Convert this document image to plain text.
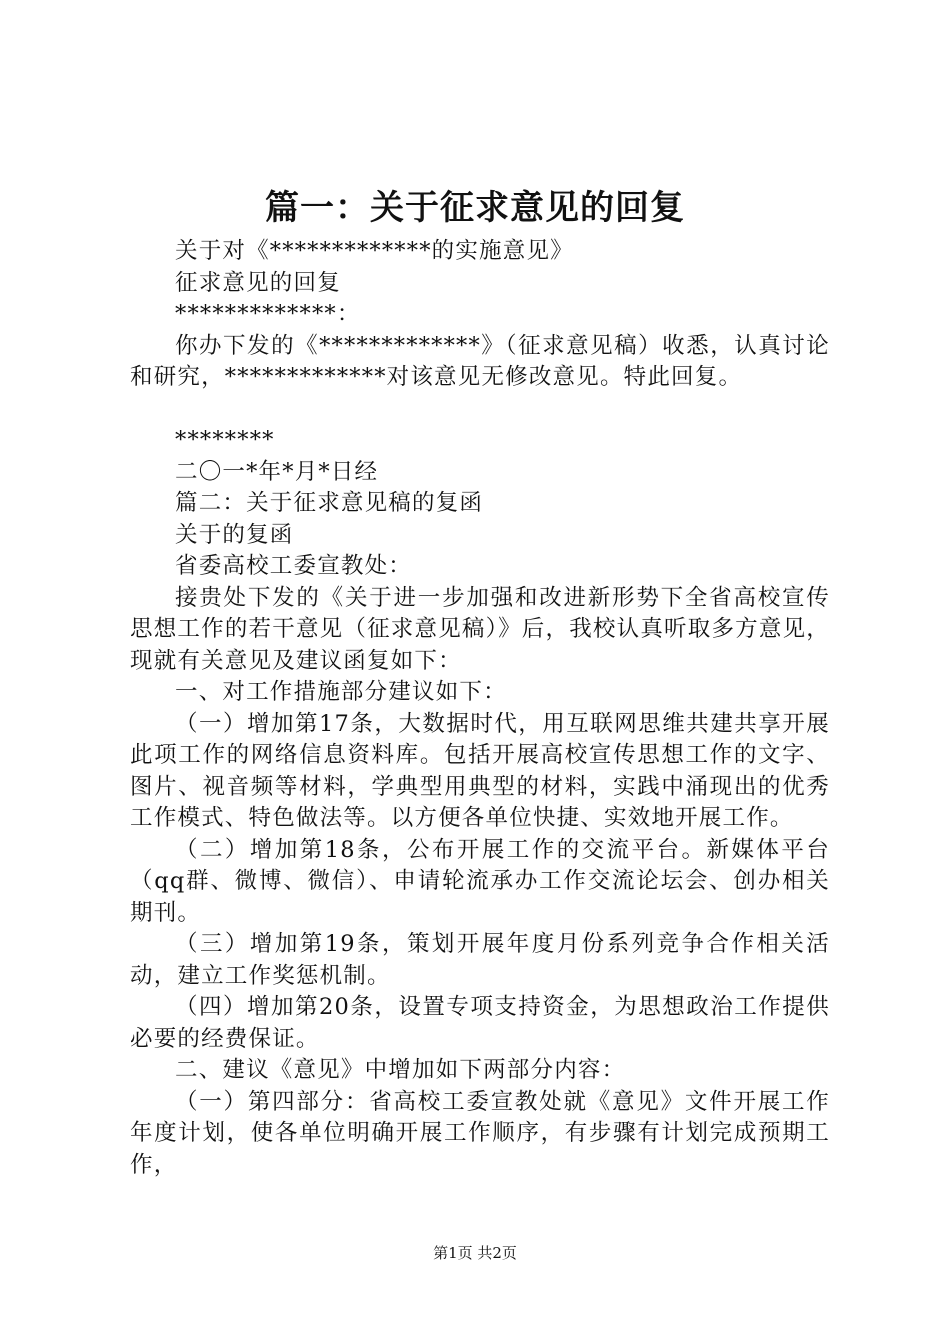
篇一：关于征求意见的回复

关于对《*************的实施意见》

征求意见的回复

*************：

你办下发的《*************》（征求意见稿）收悉，认真讨论和研究，*************对该意见无修改意见。特此回复。

********

二〇一*年*月*日经

篇二：关于征求意见稿的复函

关于的复函

省委高校工委宣教处：

接贵处下发的《关于进一步加强和改进新形势下全省高校宣传思想工作的若干意见（征求意见稿）》后，我校认真听取多方意见，现就有关意见及建议函复如下：

一、对工作措施部分建议如下：

（一）增加第17条，大数据时代，用互联网思维共建共享开展此项工作的网络信息资料库。包括开展高校宣传思想工作的文字、图片、视音频等材料，学典型用典型的材料，实践中涌现出的优秀工作模式、特色做法等。以方便各单位快捷、实效地开展工作。

（二）增加第18条，公布开展工作的交流平台。新媒体平台（qq群、微博、微信）、申请轮流承办工作交流论坛会、创办相关期刊。

（三）增加第19条，策划开展年度月份系列竞争合作相关活动，建立工作奖惩机制。

（四）增加第20条，设置专项支持资金，为思想政治工作提供必要的经费保证。

二、建议《意见》中增加如下两部分内容：

（一）第四部分：省高校工委宣教处就《意见》文件开展工作年度计划，使各单位明确开展工作顺序，有步骤有计划完成预期工作，

第1页 共2页
